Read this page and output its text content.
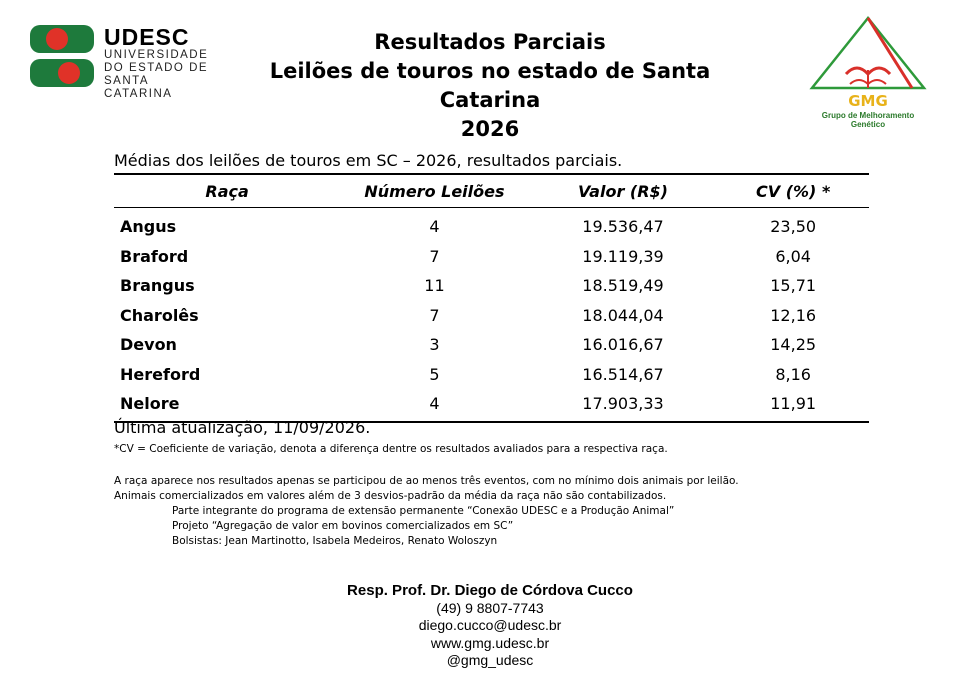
UDESC
UNIVERSIDADE
DO ESTADO DE
SANTA CATARINA
Resultados Parciais
Leilões de touros no estado de Santa Catarina
2026
GMG
Grupo de Melhoramento Genético
Médias dos leilões de touros em SC – 2026, resultados parciais.
Raça	Número Leilões	Valor (R$)	CV (%) *
Angus	4	19.536,47	23,50
Braford	7	19.119,39	6,04
Brangus	11	18.519,49	15,71
Charolês	7	18.044,04	12,16
Devon	3	16.016,67	14,25
Hereford	5	16.514,67	8,16
Nelore	4	17.903,33	11,91
Última atualização, 11/09/2026.
*CV = Coeficiente de variação, denota a diferença dentre os resultados avaliados para a respectiva raça.
A raça aparece nos resultados apenas se participou de ao menos três eventos, com no mínimo dois animais por leilão.
Animais comercializados em valores além de 3 desvios-padrão da média da raça não são contabilizados.
Parte integrante do programa de extensão permanente “Conexão UDESC e a Produção Animal”
Projeto “Agregação de valor em bovinos comercializados em SC”
Bolsistas: Jean Martinotto, Isabela Medeiros, Renato Woloszyn
Resp. Prof. Dr. Diego de Córdova Cucco
(49) 9 8807-7743
diego.cucco@udesc.br
www.gmg.udesc.br
@gmg_udesc
